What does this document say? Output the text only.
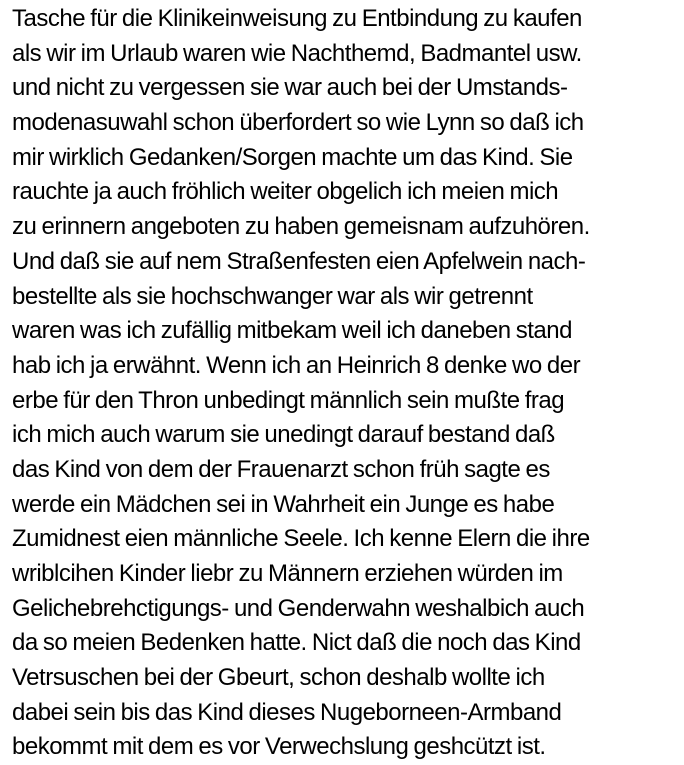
Tasche für die Klinikeinweisung zu Entbindung zu kaufen
als wir im Urlaub waren wie Nachthemd, Badmantel usw.
und nicht zu vergessen sie war auch bei der Umstands-
modenasuwahl schon überfordert so wie Lynn so daß ich
mir wirklich Gedanken/Sorgen machte um das Kind. Sie
rauchte ja auch fröhlich weiter obgelich ich meien mich
zu erinnern angeboten zu haben gemeisnam aufzuhören.
Und daß sie auf nem Straßenfesten eien Apfelwein nach-
bestellte als sie hochschwanger war als wir getrennt
waren was ich zufällig mitbekam weil ich daneben stand
hab ich ja erwähnt. Wenn ich an Heinrich 8 denke wo der
erbe für den Thron unbedingt männlich sein mußte frag
ich mich auch warum sie unedingt darauf bestand daß
das Kind von dem der Frauenarzt schon früh sagte es
werde ein Mädchen sei in Wahrheit ein Junge es habe
Zumidnest eien männliche Seele. Ich kenne Elern die ihre
wriblcihen Kinder liebr zu Männern erziehen würden im
Gelichebrehctigungs- und Genderwahn weshalbich auch
da so meien Bedenken hatte. Nict daß die noch das Kind
Vetrsuschen bei der Gbeurt, schon deshalb wollte ich
dabei sein bis das Kind dieses Nugeborneen-Armband
bekommt mit dem es vor Verwechslung geshcützt ist.
